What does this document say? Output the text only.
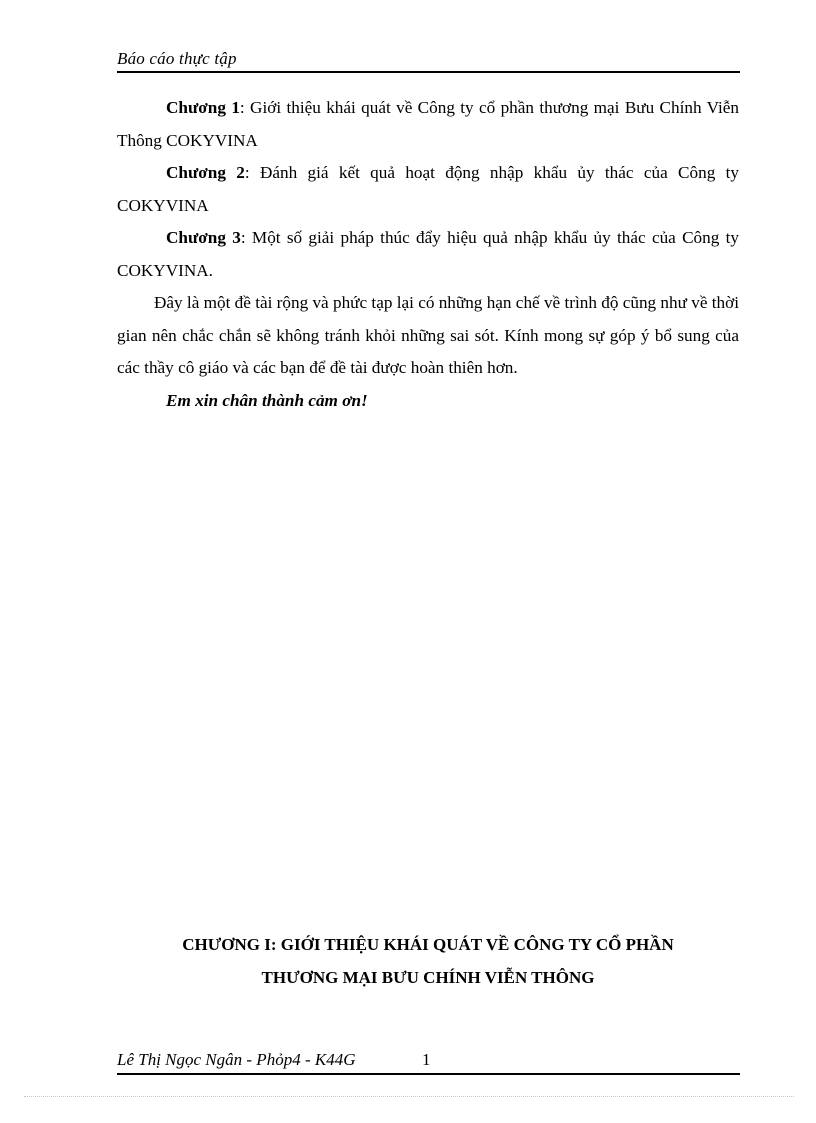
Báo cáo thực tập

Chương 1: Giới thiệu khái quát về Công ty cổ phần thương mại Bưu Chính Viễn Thông COKYVINA

Chương 2: Đánh giá kết quả hoạt động nhập khẩu ủy thác của Công ty COKYVINA

Chương 3: Một số giải pháp thúc đẩy hiệu quả nhập khẩu ủy thác của Công ty COKYVINA.

Đây là một đề tài rộng và phức tạp lại có những hạn chế về trình độ cũng như về thời gian nên chắc chắn sẽ không tránh khỏi những sai sót. Kính mong sự góp ý bổ sung của các thầy cô giáo và các bạn để đề tài được hoàn thiên hơn.

Em xin chân thành cảm ơn!

CHƯƠNG I: GIỚI THIỆU KHÁI QUÁT VỀ CÔNG TY CỔ PHẦN
THƯƠNG MẠI BƯU CHÍNH VIỄN THÔNG
Lê Thị Ngọc Ngân - Phỏp4 - K44G	1
